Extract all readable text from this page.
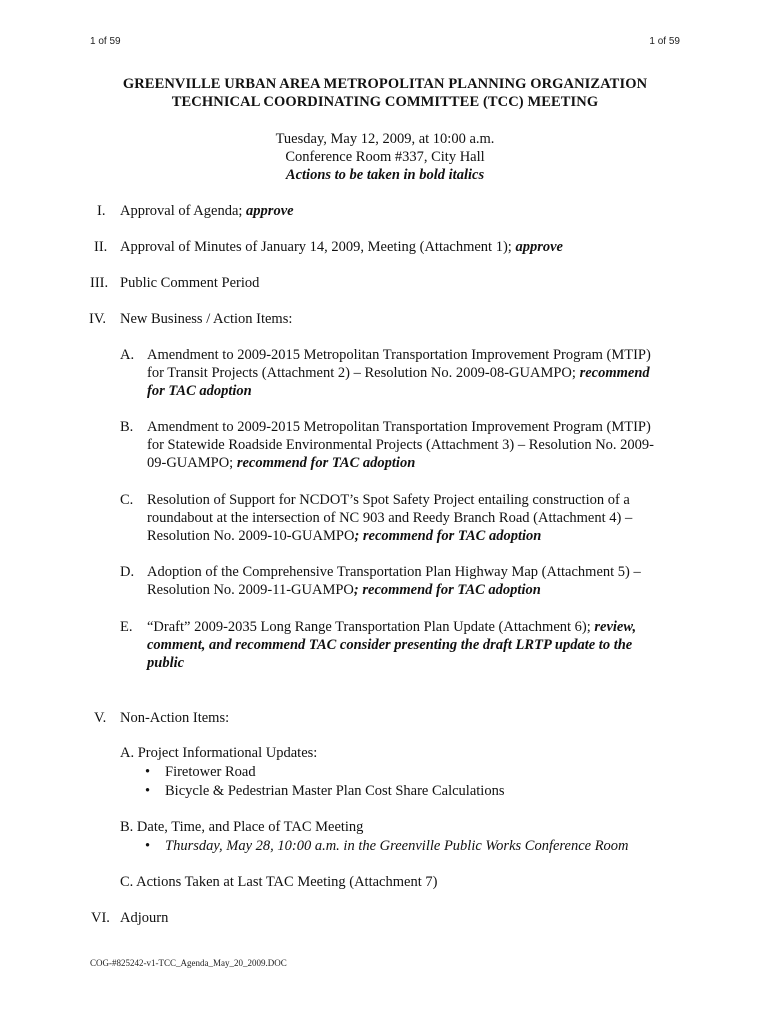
1 of 59	1 of 59
GREENVILLE URBAN AREA METROPOLITAN PLANNING ORGANIZATION
TECHNICAL COORDINATING COMMITTEE (TCC) MEETING
Tuesday, May 12, 2009, at 10:00 a.m.
Conference Room #337, City Hall
Actions to be taken in bold italics
I. Approval of Agenda; approve
II. Approval of Minutes of January 14, 2009, Meeting (Attachment 1); approve
III. Public Comment Period
IV. New Business / Action Items:
A. Amendment to 2009-2015 Metropolitan Transportation Improvement Program (MTIP)
for Transit Projects (Attachment 2) – Resolution No. 2009-08-GUAMPO; recommend
for TAC adoption
B. Amendment to 2009-2015 Metropolitan Transportation Improvement Program (MTIP)
for Statewide Roadside Environmental Projects (Attachment 3) – Resolution No. 2009-
09-GUAMPO; recommend for TAC adoption
C. Resolution of Support for NCDOT’s Spot Safety Project entailing construction of a
roundabout at the intersection of NC 903 and Reedy Branch Road (Attachment 4) –
Resolution No. 2009-10-GUAMPO; recommend for TAC adoption
D. Adoption of the Comprehensive Transportation Plan Highway Map (Attachment 5) –
Resolution No. 2009-11-GUAMPO; recommend for TAC adoption
E. “Draft” 2009-2035 Long Range Transportation Plan Update (Attachment 6); review,
comment, and recommend TAC consider presenting the draft LRTP update to the
public
V. Non-Action Items:
A. Project Informational Updates:
• Firetower Road
• Bicycle & Pedestrian Master Plan Cost Share Calculations
B. Date, Time, and Place of TAC Meeting
• Thursday, May 28, 10:00 a.m. in the Greenville Public Works Conference Room
C. Actions Taken at Last TAC Meeting (Attachment 7)
VI. Adjourn
COG-#825242-v1-TCC_Agenda_May_20_2009.DOC
